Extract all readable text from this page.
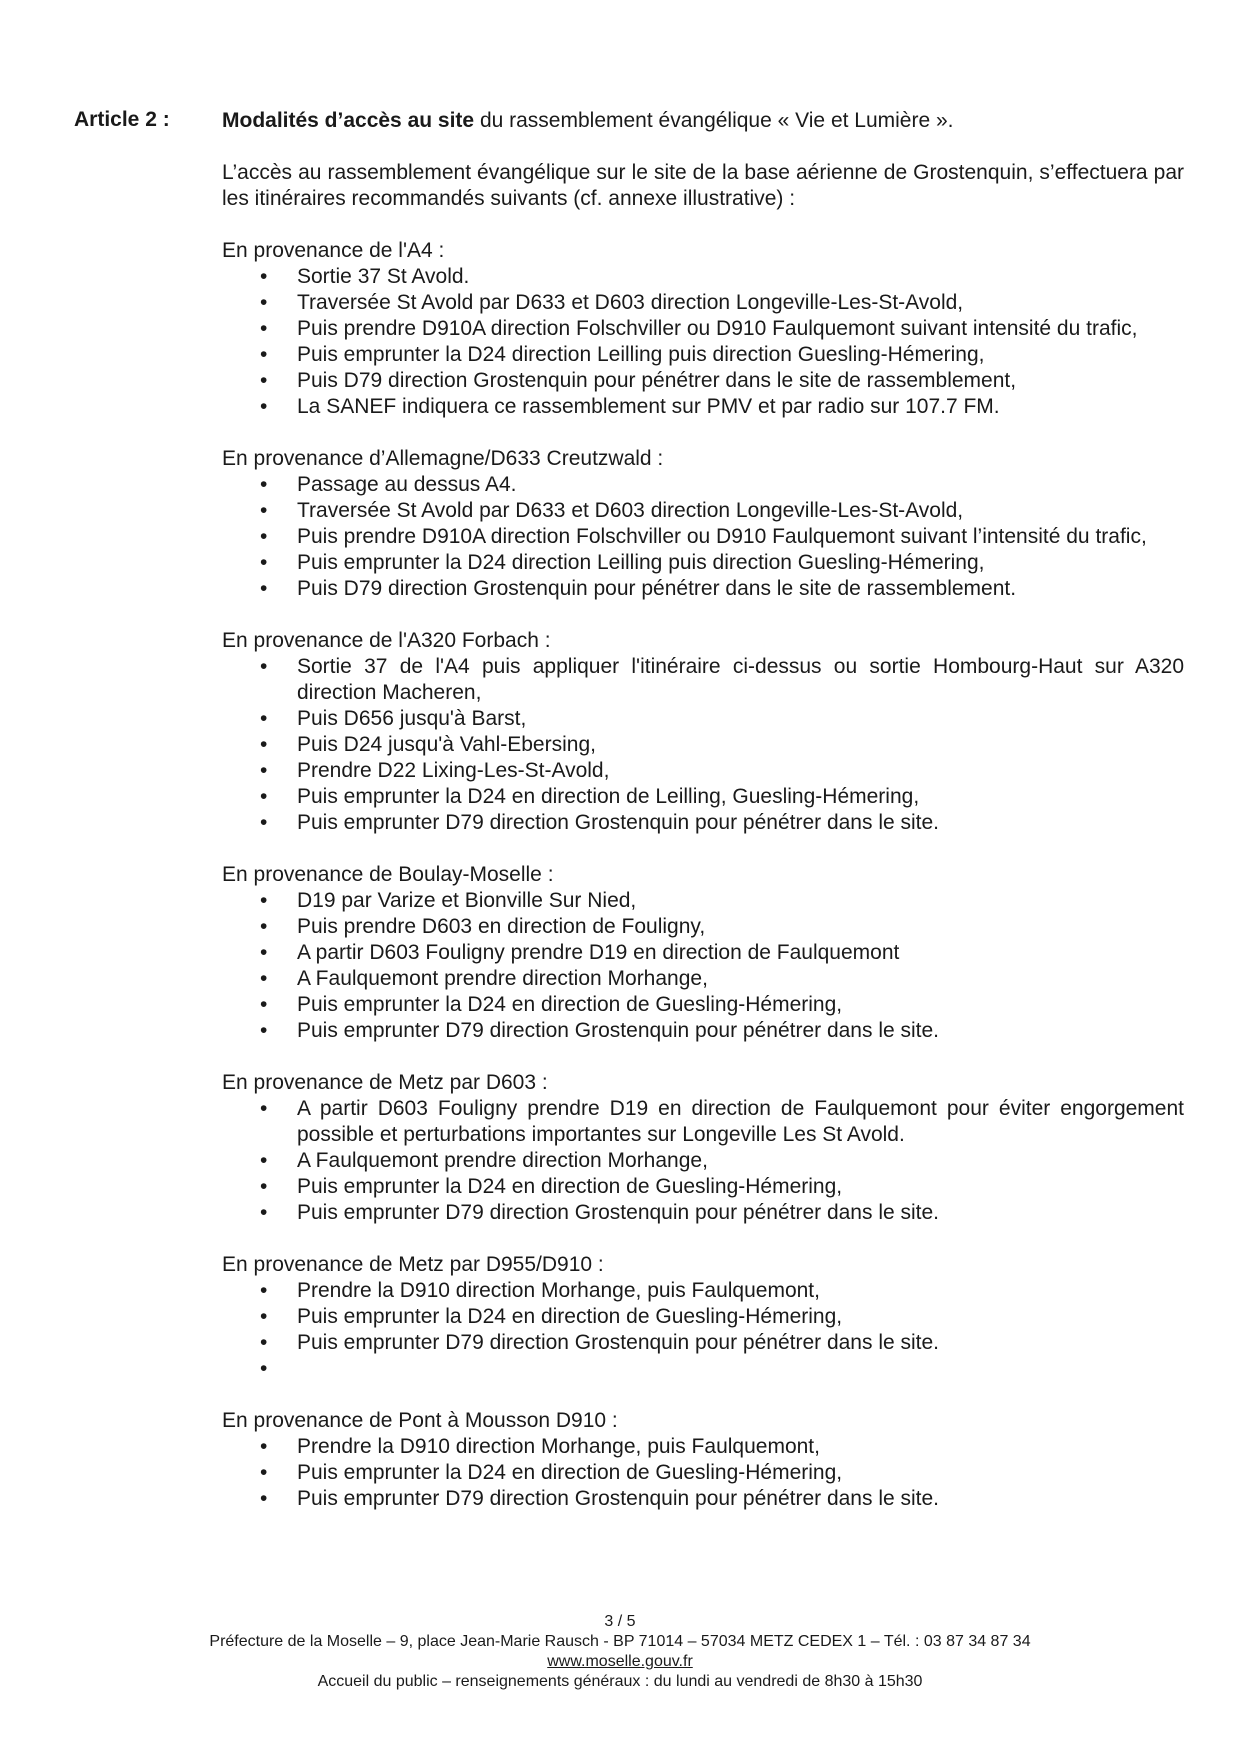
Article 2 : Modalités d’accès au site du rassemblement évangélique « Vie et Lumière ».

L’accès au rassemblement évangélique sur le site de la base aérienne de Grostenquin, s’effectuera par les itinéraires recommandés suivants (cf. annexe illustrative) :

En provenance de l'A4 :

• Sortie 37 St Avold.
• Traversée St Avold par D633 et D603 direction Longeville-Les-St-Avold,
• Puis prendre D910A direction Folschviller ou D910 Faulquemont suivant intensité du trafic,
• Puis emprunter la D24 direction Leilling puis direction Guesling-Hémering,
• Puis D79 direction Grostenquin pour pénétrer dans le site de rassemblement,
• La SANEF indiquera ce rassemblement sur PMV et par radio sur 107.7 FM.

En provenance d’Allemagne/D633 Creutzwald :

• Passage au dessus A4.
• Traversée St Avold par D633 et D603 direction Longeville-Les-St-Avold,
• Puis prendre D910A direction Folschviller ou D910 Faulquemont suivant l’intensité du trafic,
• Puis emprunter la D24 direction Leilling puis direction Guesling-Hémering,
• Puis D79 direction Grostenquin pour pénétrer dans le site de rassemblement.

En provenance de l'A320 Forbach :

• Sortie 37 de l'A4 puis appliquer l'itinéraire ci-dessus ou sortie Hombourg-Haut sur A320 direction Macheren,
• Puis D656 jusqu'à Barst,
• Puis D24 jusqu'à Vahl-Ebersing,
• Prendre D22 Lixing-Les-St-Avold,
• Puis emprunter la D24 en direction de Leilling, Guesling-Hémering,
• Puis emprunter D79 direction Grostenquin pour pénétrer dans le site.

En provenance de Boulay-Moselle :

• D19 par Varize et Bionville Sur Nied,
• Puis prendre D603 en direction de Fouligny,
• A partir D603 Fouligny prendre D19 en direction de Faulquemont
• A Faulquemont prendre direction Morhange,
• Puis emprunter la D24 en direction de Guesling-Hémering,
• Puis emprunter D79 direction Grostenquin pour pénétrer dans le site.

En provenance de Metz par D603 :

• A partir D603 Fouligny prendre D19 en direction de Faulquemont pour éviter engorgement possible et perturbations importantes sur Longeville Les St Avold.
• A Faulquemont prendre direction Morhange,
• Puis emprunter la D24 en direction de Guesling-Hémering,
• Puis emprunter D79 direction Grostenquin pour pénétrer dans le site.

En provenance de Metz par D955/D910 :

• Prendre la D910 direction Morhange, puis Faulquemont,
• Puis emprunter la D24 en direction de Guesling-Hémering,
• Puis emprunter D79 direction Grostenquin pour pénétrer dans le site.
•

En provenance de Pont à Mousson D910 :

• Prendre la D910 direction Morhange, puis Faulquemont,
• Puis emprunter la D24 en direction de Guesling-Hémering,
• Puis emprunter D79 direction Grostenquin pour pénétrer dans le site.
3 / 5
Préfecture de la Moselle – 9, place Jean-Marie Rausch - BP 71014 – 57034 METZ CEDEX 1 – Tél. : 03 87 34 87 34
www.moselle.gouv.fr
Accueil du public – renseignements généraux : du lundi au vendredi de 8h30 à 15h30
